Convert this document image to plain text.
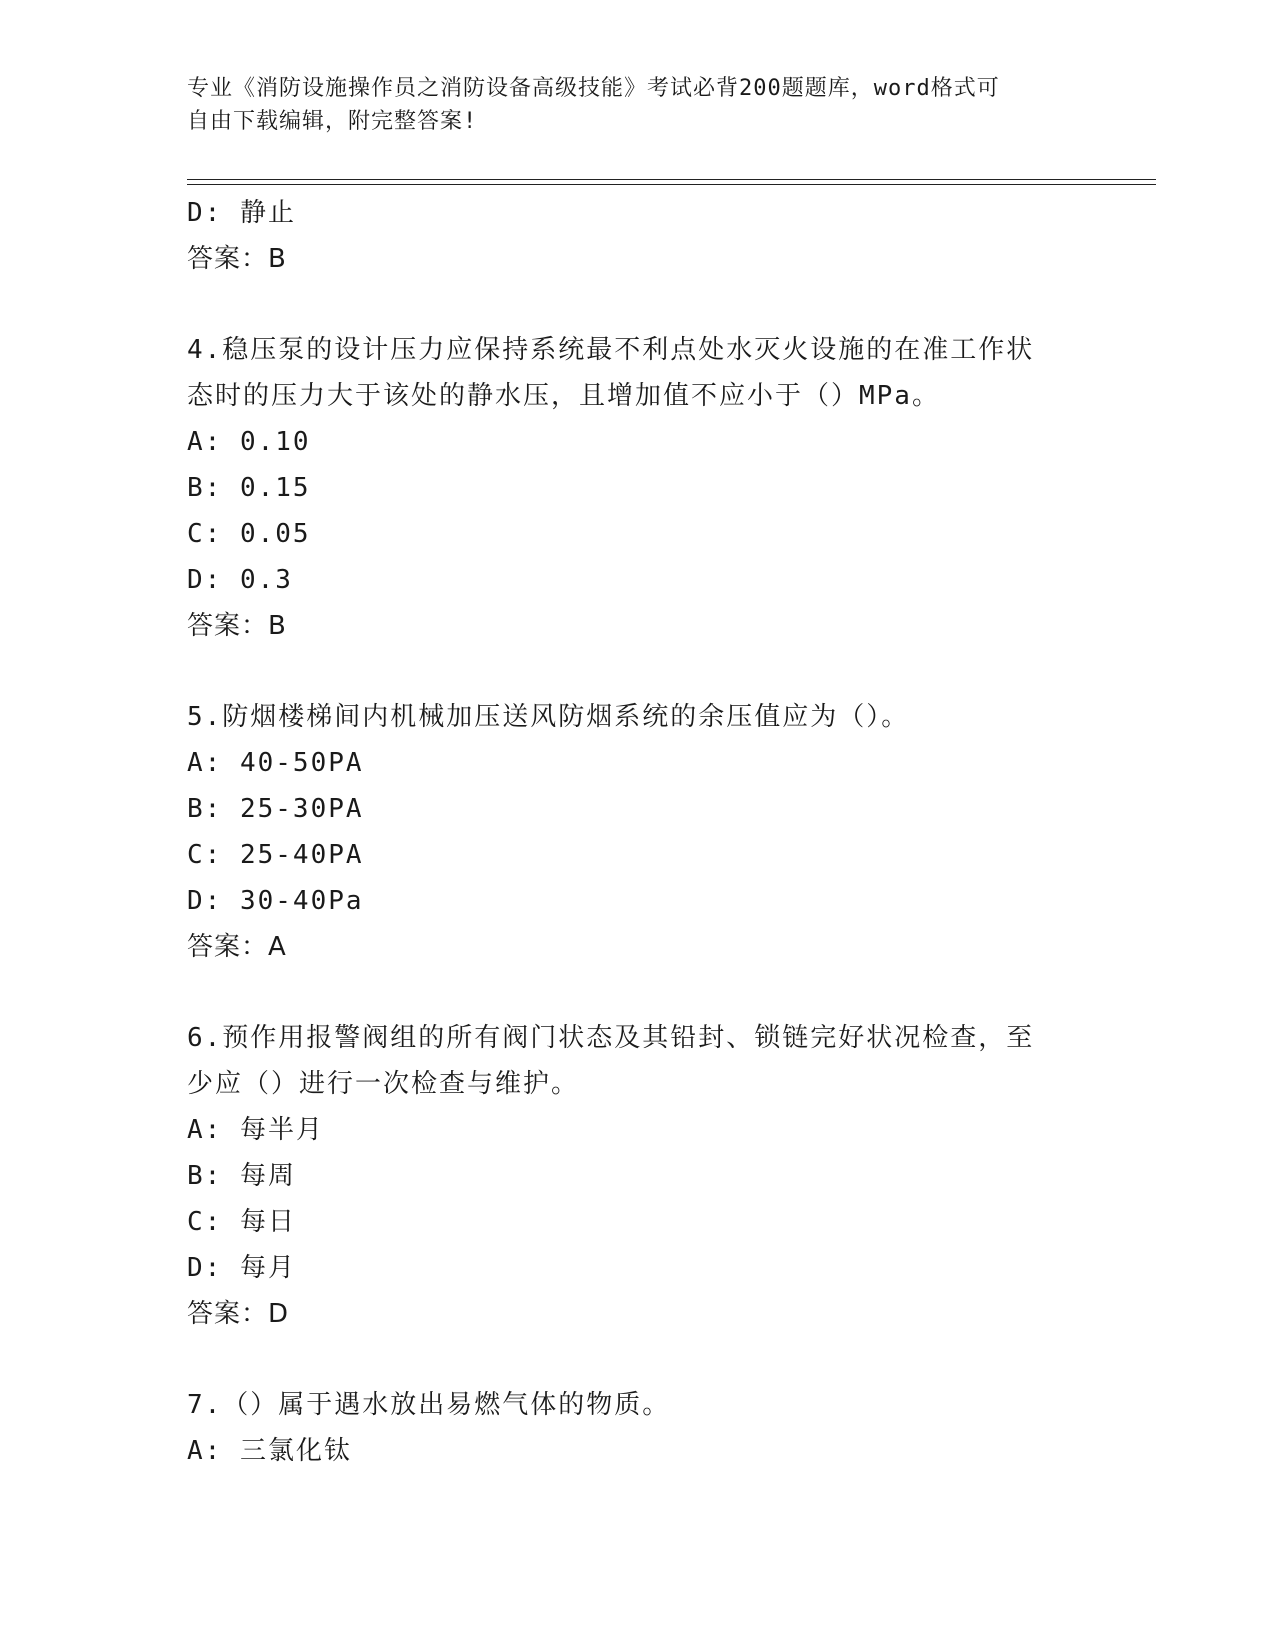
专业《消防设施操作员之消防设备高级技能》考试必背200题题库，word格式可
自由下载编辑，附完整答案!
D: 静止
答案：B
4.稳压泵的设计压力应保持系统最不利点处水灭火设施的在准工作状
态时的压力大于该处的静水压，且增加值不应小于（）MPa。
A: 0.10
B: 0.15
C: 0.05
D: 0.3
答案：B
5.防烟楼梯间内机械加压送风防烟系统的余压值应为（）。
A: 40-50PA
B: 25-30PA
C: 25-40PA
D: 30-40Pa
答案：A
6.预作用报警阀组的所有阀门状态及其铅封、锁链完好状况检查，至
少应（）进行一次检查与维护。
A: 每半月
B: 每周
C: 每日
D: 每月
答案：D
7.（）属于遇水放出易燃气体的物质。
A: 三氯化钛
